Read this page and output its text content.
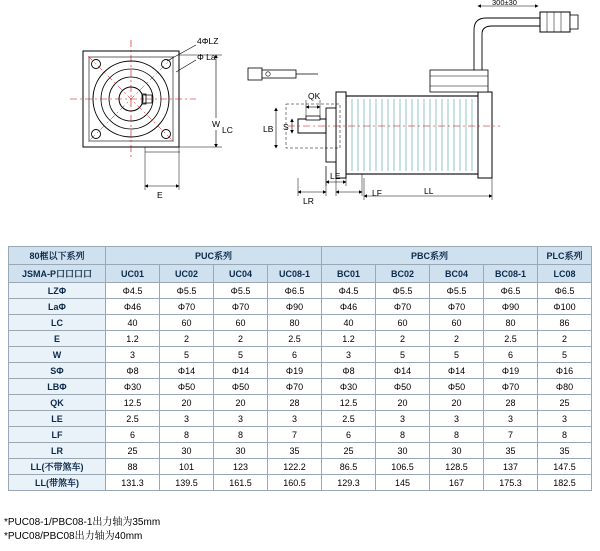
4ΦLZ
Φ La
E
W
LC
300±30
QK
S
LB
LR
LE
LF	LL
80框以下系列	PUC系列				PBC系列				PLC系列
JSMA-P口口口口	UC01	UC02	UC04	UC08-1	BC01	BC02	BC04	BC08-1	LC08
LZΦ	Φ4.5	Φ5.5	Φ5.5	Φ6.5	Φ4.5	Φ5.5	Φ5.5	Φ6.5	Φ6.5
LaΦ	Φ46	Φ70	Φ70	Φ90	Φ46	Φ70	Φ70	Φ90	Φ100
LC	40	60	60	80	40	60	60	80	86
E	1.2	2	2	2.5	1.2	2	2	2.5	2
W	3	5	5	6	3	5	5	6	5
SΦ	Φ8	Φ14	Φ14	Φ19	Φ8	Φ14	Φ14	Φ19	Φ16
LBΦ	Φ30	Φ50	Φ50	Φ70	Φ30	Φ50	Φ50	Φ70	Φ80
QK	12.5	20	20	28	12.5	20	20	28	25
LE	2.5	3	3	3	2.5	3	3	3	3
LF	6	8	8	7	6	8	8	7	8
LR	25	30	30	35	25	30	30	35	35
LL(不带煞车)	88	101	123	122.2	86.5	106.5	128.5	137	147.5
LL(带煞车)	131.3	139.5	161.5	160.5	129.3	145	167	175.3	182.5
*PUC08-1/PBC08-1出力轴为35mm
*PUC08/PBC08出力轴为40mm
